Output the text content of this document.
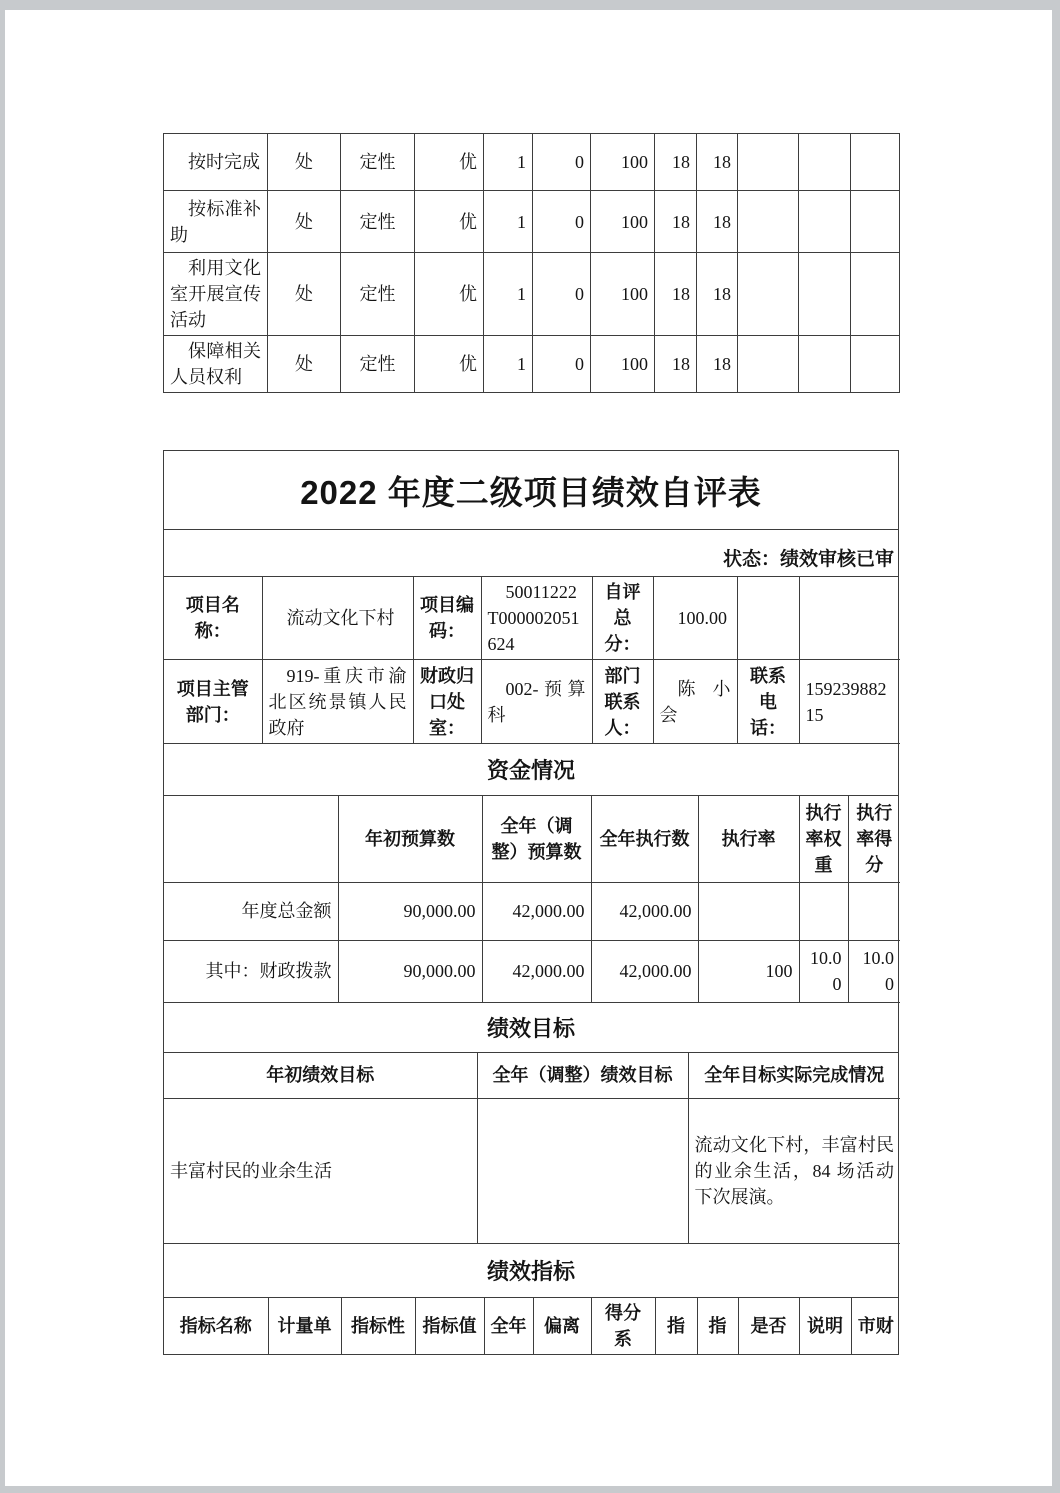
按时完成	处	定性	优	1	0	100	18	18			
按标准补助	处	定性	优	1	0	100	18	18			
利用文化室开展宣传活动	处	定性	优	1	0	100	18	18			
保障相关人员权利	处	定性	优	1	0	100	18	18			
2022 年度二级项目绩效自评表
状态：绩效审核已审
项目名称：	流动文化下村	项目编码：	50011222T000002051624	自评总分：	100.00		
项目主管部门：	919-重庆市渝北区统景镇人民政府	财政归口处室：	002-预算科	部门联系人：	陈小会	联系电话：	15923988215
资金情况
	年初预算数	全年（调整）预算数	全年执行数	执行率	执行率权重	执行率得分
年度总金额	90,000.00	42,000.00	42,000.00			
其中：财政拨款	90,000.00	42,000.00	42,000.00	100	10.00	10.00
绩效目标
年初绩效目标	全年（调整）绩效目标	全年目标实际完成情况
丰富村民的业余生活		流动文化下村，丰富村民的业余生活，84 场活动下次展演。
绩效指标
指标名称	计量单	指标性	指标值	全年	偏离	得分系	指	指	是否	说明	市财
